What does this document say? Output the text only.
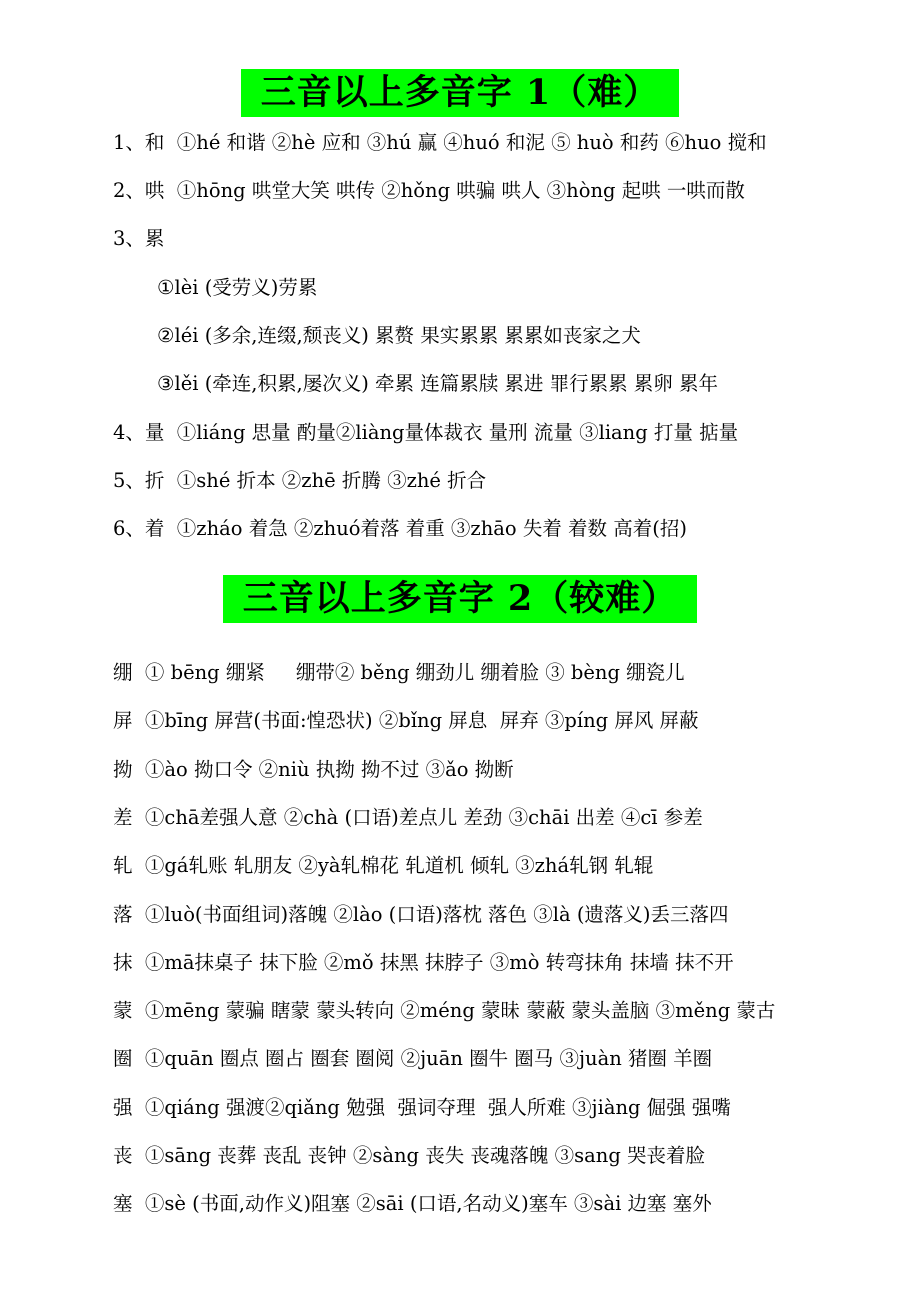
三音以上多音字 1（难）
1、和  ①hé 和谐 ②hè 应和 ③hú 赢 ④huó 和泥 ⑤ huò 和药 ⑥huo 搅和
2、哄  ①hōng 哄堂大笑 哄传 ②hǒng 哄骗 哄人 ③hòng 起哄 一哄而散
3、累
①lèi (受劳义)劳累
②léi (多余,连缀,颓丧义) 累赘 果实累累 累累如丧家之犬
③lěi (牵连,积累,屡次义) 牵累 连篇累牍 累进 罪行累累 累卵 累年
4、量  ①liáng 思量 酌量②liàng量体裁衣 量刑 流量 ③liang 打量 掂量
5、折  ①shé 折本 ②zhē 折腾 ③zhé 折合
6、着  ①zháo 着急 ②zhuó着落 着重 ③zhāo 失着 着数 高着(招)
三音以上多音字 2（较难）
绷  ① bēng 绷紧     绷带② běng 绷劲儿 绷着脸 ③ bèng 绷瓷儿
屏  ①bīng 屏营(书面:惶恐状) ②bǐng 屏息  屏弃 ③píng 屏风 屏蔽
拗  ①ào 拗口令 ②niù 执拗 拗不过 ③ǎo 拗断
差  ①chā差强人意 ②chà (口语)差点儿 差劲 ③chāi 出差 ④cī 参差
轧  ①gá轧账 轧朋友 ②yà轧棉花 轧道机 倾轧 ③zhá轧钢 轧辊
落  ①luò(书面组词)落魄 ②lào (口语)落枕 落色 ③là (遗落义)丢三落四
抹  ①mā抹桌子 抹下脸 ②mǒ 抹黑 抹脖子 ③mò 转弯抹角 抹墙 抹不开
蒙  ①mēng 蒙骗 瞎蒙 蒙头转向 ②méng 蒙昧 蒙蔽 蒙头盖脑 ③měng 蒙古
圈  ①quān 圈点 圈占 圈套 圈阅 ②juān 圈牛 圈马 ③juàn 猪圈 羊圈
强  ①qiáng 强渡②qiǎng 勉强  强词夺理  强人所难 ③jiàng 倔强 强嘴
丧  ①sāng 丧葬 丧乱 丧钟 ②sàng 丧失 丧魂落魄 ③sang 哭丧着脸
塞  ①sè (书面,动作义)阻塞 ②sāi (口语,名动义)塞车 ③sài 边塞 塞外
